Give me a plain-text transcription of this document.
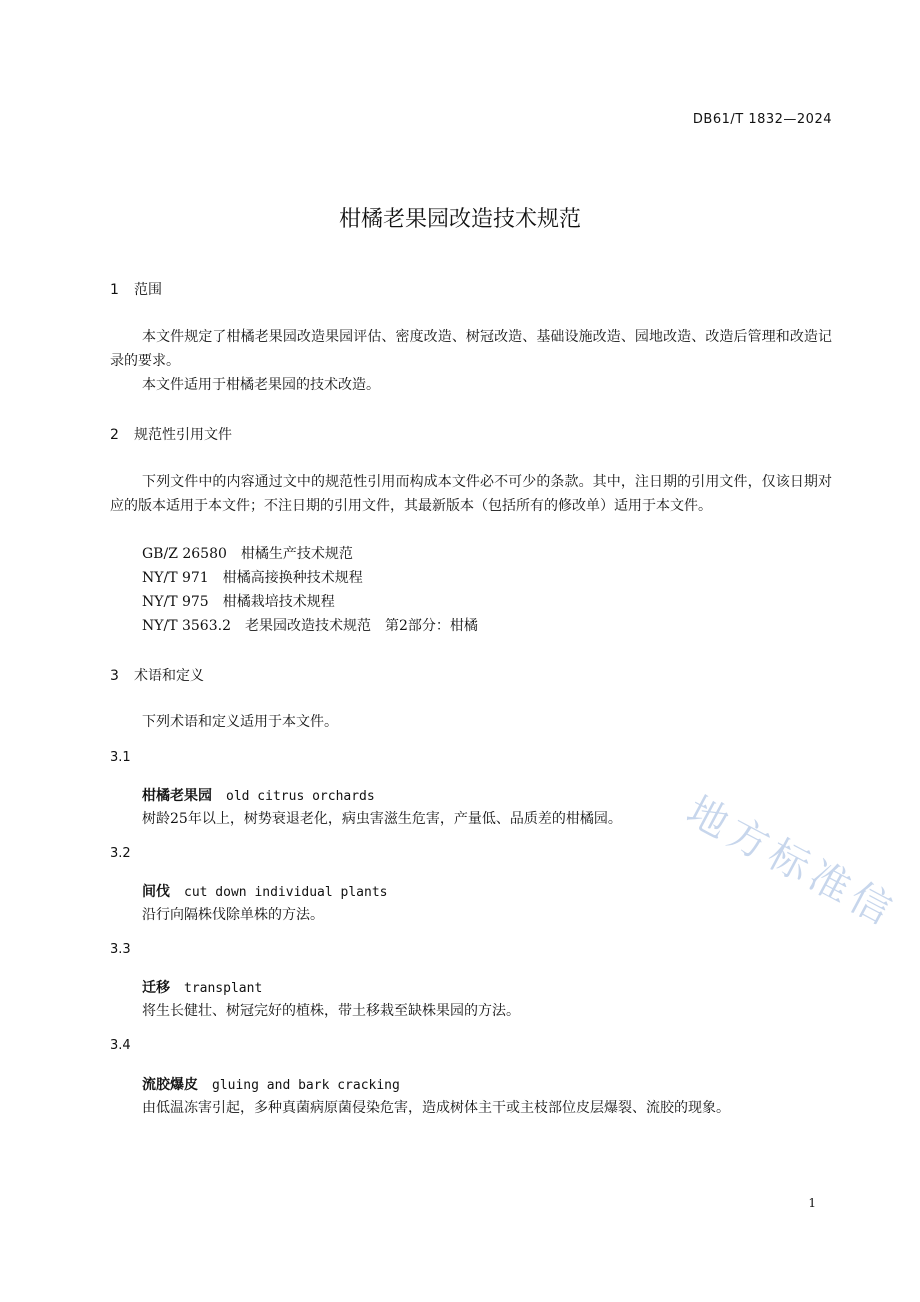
DB61/T 1832—2024
柑橘老果园改造技术规范
1 范围
本文件规定了柑橘老果园改造果园评估、密度改造、树冠改造、基础设施改造、园地改造、改造后管理和改造记录的要求。
本文件适用于柑橘老果园的技术改造。
2 规范性引用文件
下列文件中的内容通过文中的规范性引用而构成本文件必不可少的条款。其中，注日期的引用文件，仅该日期对应的版本适用于本文件；不注日期的引用文件，其最新版本（包括所有的修改单）适用于本文件。
GB/Z 26580 柑橘生产技术规范
NY/T 971 柑橘高接换种技术规程
NY/T 975 柑橘栽培技术规程
NY/T 3563.2 老果园改造技术规范　第2部分：柑橘
3 术语和定义
下列术语和定义适用于本文件。
3.1
柑橘老果园 old citrus orchards
树龄25年以上，树势衰退老化，病虫害滋生危害，产量低、品质差的柑橘园。
3.2
间伐 cut down individual plants
沿行向隔株伐除单株的方法。
3.3
迁移 transplant
将生长健壮、树冠完好的植株，带土移栽至缺株果园的方法。
3.4
流胶爆皮 gluing and bark cracking
由低温冻害引起，多种真菌病原菌侵染危害，造成树体主干或主枝部位皮层爆裂、流胶的现象。
地方标准信
1
